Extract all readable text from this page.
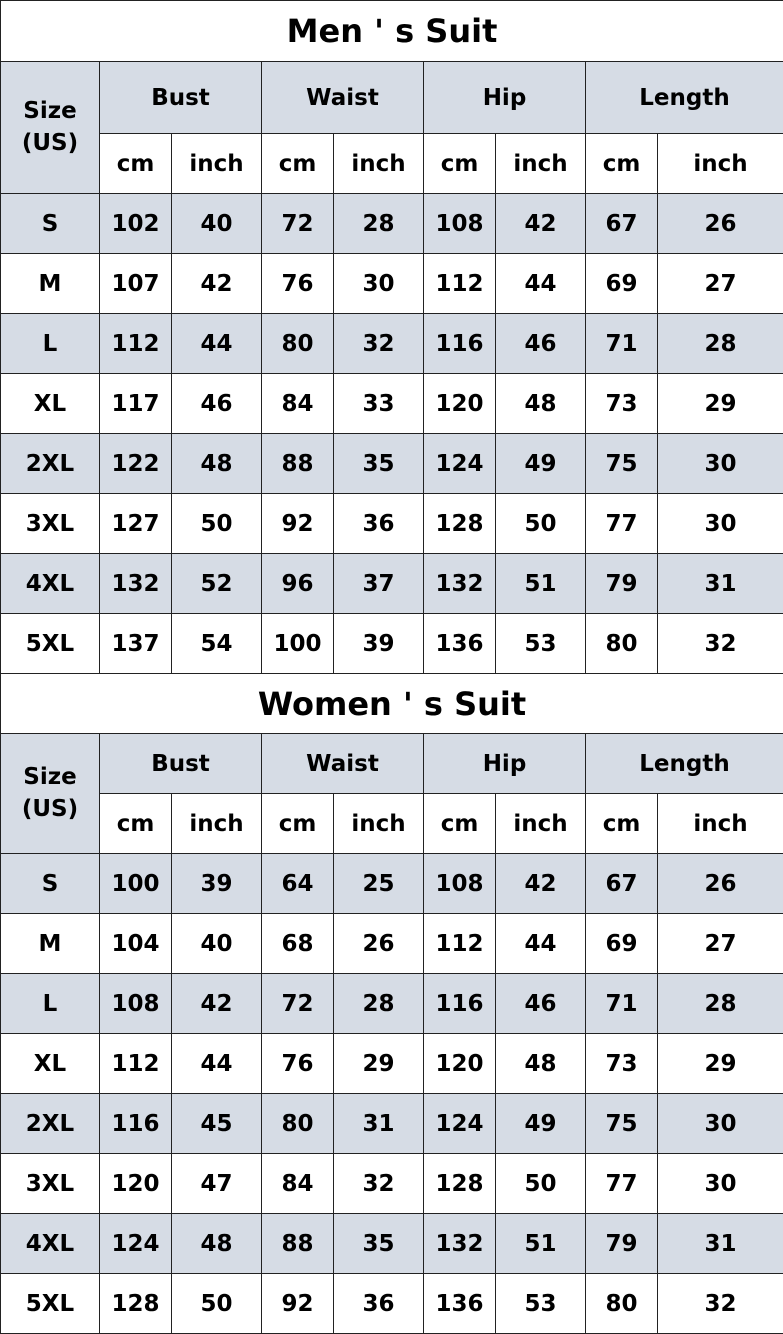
Men ' s Suit								
Size
(US)	Bust		Waist		Hip		Length	
	cm	inch	cm	inch	cm	inch	cm	inch
S	102	40	72	28	108	42	67	26
M	107	42	76	30	112	44	69	27
L	112	44	80	32	116	46	71	28
XL	117	46	84	33	120	48	73	29
2XL	122	48	88	35	124	49	75	30
3XL	127	50	92	36	128	50	77	30
4XL	132	52	96	37	132	51	79	31
5XL	137	54	100	39	136	53	80	32
Women ' s Suit								
Size
(US)	Bust		Waist		Hip		Length	
	cm	inch	cm	inch	cm	inch	cm	inch
S	100	39	64	25	108	42	67	26
M	104	40	68	26	112	44	69	27
L	108	42	72	28	116	46	71	28
XL	112	44	76	29	120	48	73	29
2XL	116	45	80	31	124	49	75	30
3XL	120	47	84	32	128	50	77	30
4XL	124	48	88	35	132	51	79	31
5XL	128	50	92	36	136	53	80	32
